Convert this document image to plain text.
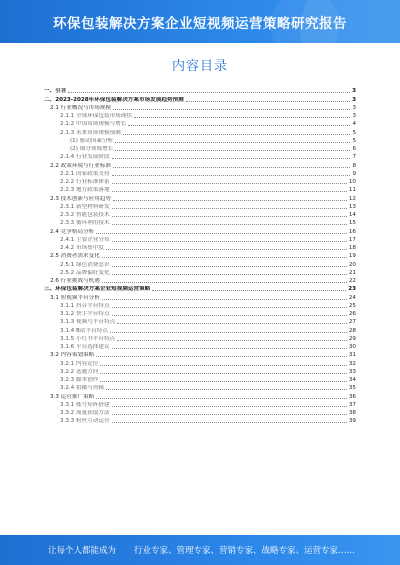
环保包装解决方案企业短视频运营策略研究报告
内容目录
一、引言	3
二、2023-2028年环保包装解决方案市场发展趋势预测	3
2.1 行业概况与市场规模	3
2.1.1 全球环保包装市场现状	3
2.1.2 中国市场规模与增长	4
2.1.3 未来市场规模预测	5
(1) 驱动因素分析	5
(2) 细分领域增长	6
2.1.4 行业发展阶段	7
2.2 政策环境与行业标准	8
2.2.1 国家政策支持	9
2.2.2 行业标准体系	10
2.2.3 地方政策落地	11
2.3 技术创新与应用趋势	12
2.3.1 新型材料研发	13
2.3.2 智能包装技术	14
2.3.3 循环利用技术	15
2.4 竞争格局分析	16
2.4.1 主要企业分布	17
2.4.2 市场集中度	18
2.5 消费者需求变化	19
2.5.1 绿色消费意识	20
2.5.2 品牌偏好变化	21
2.6 行业挑战与机遇	22
三、环保包装解决方案企业短视频运营策略	23
3.1 短视频平台分析	24
3.1.1 抖音平台特点	25
3.1.2 快手平台特点	26
3.1.3 视频号平台特点	27
3.1.4 B站平台特点	28
3.1.5 小红书平台特点	29
3.1.6 平台选择建议	30
3.2 内容策划策略	31
3.2.1 内容定位	32
3.2.2 选题方向	33
3.2.3 脚本创作	34
3.2.4 拍摄与剪辑	35
3.3 运营推广策略	36
3.3.1 账号矩阵搭建	37
3.3.2 流量获取方法	38
3.3.3 粉丝互动运营	39
让每个人都能成为 行业专家、管理专家、营销专家、战略专家、运营专家……
